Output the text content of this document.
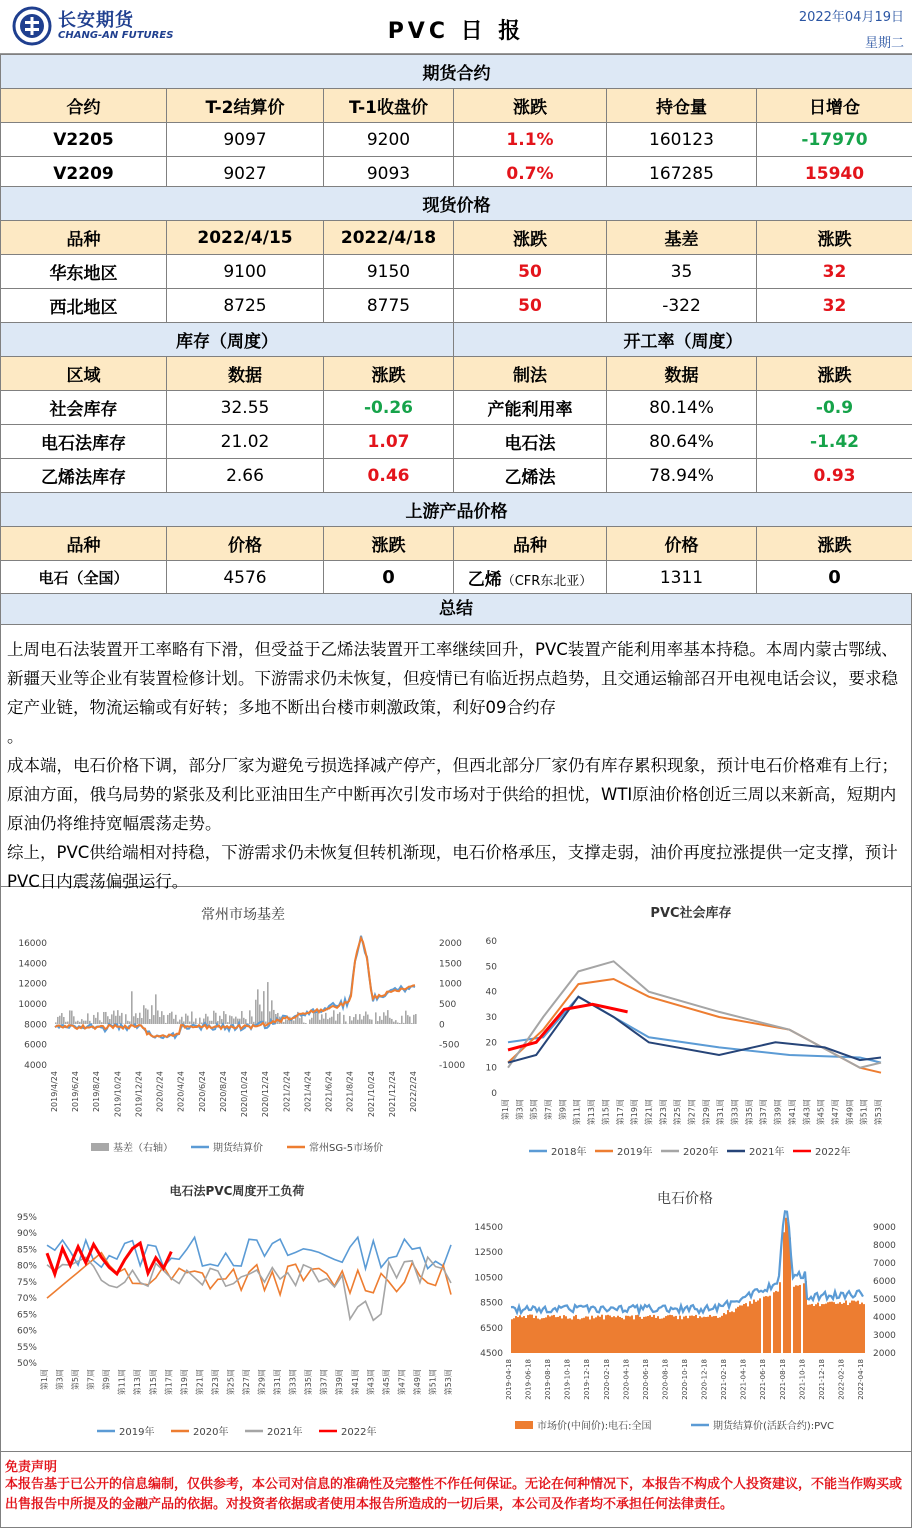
长安期货
CHANG-AN FUTURES	PVC 日 报
2022年04月19日
星期二
期货合约					
合约	T-2结算价	T-1收盘价	涨跌	持仓量	日增仓
V2205	9097	9200	1.1%	160123	-17970
V2209	9027	9093	0.7%	167285	15940
现货价格					
品种	2022/4/15	2022/4/18	涨跌	基差	涨跌
华东地区	9100	9150	50	35	32
西北地区	8725	8775	50	-322	32
库存（周度）			开工率（周度）		
区域	数据	涨跌	制法	数据	涨跌
社会库存	32.55	-0.26	产能利用率	80.14%	-0.9
电石法库存	21.02	1.07	电石法	80.64%	-1.42
乙烯法库存	2.66	0.46	乙烯法	78.94%	0.93
上游产品价格					
品种	价格	涨跌	品种	价格	涨跌
电石（全国）	4576	0	乙烯（CFR东北亚）	1311	0
总结

上周电石法装置开工率略有下滑，但受益于乙烯法装置开工率继续回升，PVC装置产能利用率基本持稳。本周内蒙古鄂绒、新疆天业等企业有装置检修计划。下游需求仍未恢复，但疫情已有临近拐点趋势，且交通运输部召开电视电话会议，要求稳定产业链，物流运输或有好转；多地不断出台楼市刺激政策，利好09合约存

。

成本端，电石价格下调，部分厂家为避免亏损选择减产停产，但西北部分厂家仍有库存累积现象，预计电石价格难有上行；原油方面，俄乌局势的紧张及利比亚油田生产中断再次引发市场对于供给的担忧，WTI原油价格创近三周以来新高，短期内原油仍将维持宽幅震荡走势。

综上，PVC供给端相对持稳，下游需求仍未恢复但转机渐现，电石价格承压，支撑走弱，油价再度拉涨提供一定支撑，预计PVC日内震荡偏强运行。

常州市场基差
16000
14000
12000
10000
8000
6000
4000
2000
1500
1000
500
0
-500
-1000
2019/4/24 2019/6/24 2019/8/24 2019/10/24 2019/12/24 2020/2/24 2020/4/24 2020/6/24 2020/8/24 2020/10/24 2020/12/24 2021/2/24 2021/4/24 2021/6/24 2021/8/24 2021/10/24 2021/12/24 2022/2/24
基差（右轴）	期货结算价	常州SG-5市场价
PVC社会库存
60
50
40
30
20
10
0
第1周 第3周 第5周 第7周 第9周 第11周 第13周 第15周 第17周 第19周 第21周 第23周 第25周 第27周 第29周 第31周 第33周 第35周 第37周 第39周 第41周 第43周 第45周 第47周 第49周 第51周 第53周
2018年	2019年	2020年	2021年	2022年
电石法PVC周度开工负荷
95%
90%
85%
80%
75%
70%
65%
60%
55%
50%
第1周 第3周 第5周 第7周 第9周 第11周 第13周 第15周 第17周 第19周 第21周 第23周 第25周 第27周 第29周 第31周 第33周 第35周 第37周 第39周 第41周 第43周 第45周 第47周 第49周 第51周 第53周
2019年	2020年	2021年	2022年
电石价格
14500
12500
10500
8500
6500
4500
9000
8000
7000
6000
5000
4000
3000
2000
2019-04-18 2019-06-18 2019-08-18 2019-10-18 2019-12-18 2020-02-18 2020-04-18 2020-06-18 2020-08-18 2020-10-18 2020-12-18 2021-02-18 2021-04-18 2021-06-18 2021-08-18 2021-10-18 2021-12-18 2022-02-18 2022-04-18
市场价(中间价):电石:全国	期货结算价(活跃合约):PVC
免责声明
本报告基于已公开的信息编制，仅供参考，本公司对信息的准确性及完整性不作任何保证。无论在何种情况下，本报告不构成个人投资建议，不能当作购买或出售报告中所提及的金融产品的依据。对投资者依据或者使用本报告所造成的一切后果，本公司及作者均不承担任何法律责任。
